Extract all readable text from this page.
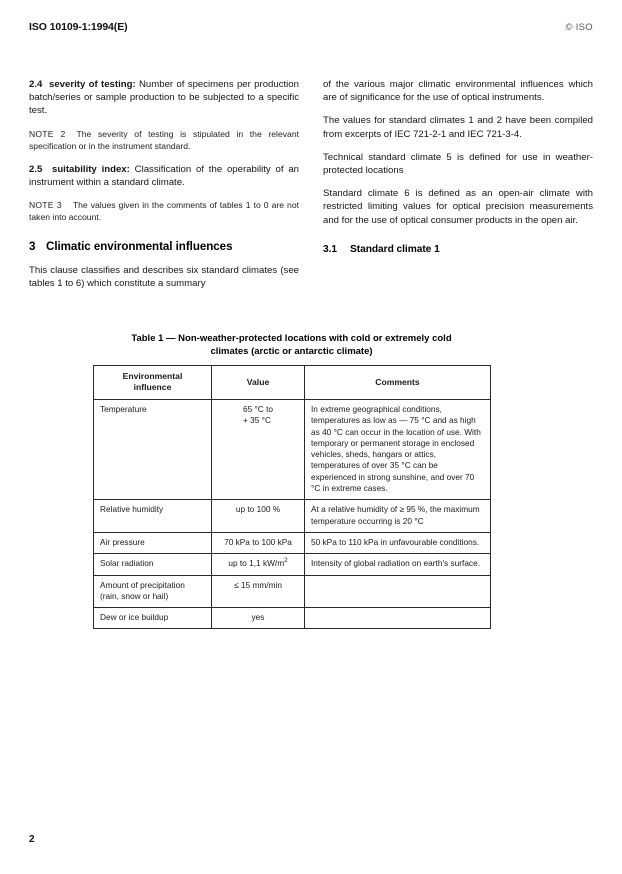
ISO 10109-1:1994(E)	© ISO

2.4 severity of testing: Number of specimens per production batch/series or sample production to be subjected to a specific test.

NOTE 2 The severity of testing is stipulated in the relevant specification or in the instrument standard.

2.5 suitability index: Classification of the operability of an instrument within a standard climate.

NOTE 3 The values given in the comments of tables 1 to 0 are not taken into account.

3 Climatic environmental influences

This clause classifies and describes six standard climates (see tables 1 to 6) which constitute a summary

of the various major climatic environmental influences which are of significance for the use of optical instruments.

The values for standard climates 1 and 2 have been compiled from excerpts of IEC 721-2-1 and IEC 721-3-4.

Technical standard climate 5 is defined for use in weather-protected locations

Standard climate 6 is defined as an open-air climate with restricted limiting values for optical precision measurements and for the use of optical consumer products in the open air.

3.1 Standard climate 1
Table 1 — Non-weather-protected locations with cold or extremely cold
climates (arctic or antarctic climate)
Environmental
influence	Value	Comments
Temperature	65 °C to
+ 35 °C	In extreme geographical conditions, temperatures as low as — 75 °C and as high as 40 °C can occur in the location of use. With temporary or permanent storage in enclosed vehicles, sheds, hangars or attics, temperatures of over 35 °C can be experienced in strong sunshine, and over 70 °C in extreme cases.
Relative humidity	up to 100 %	At a relative humidity of ≥ 95 %, the maximum temperature occurring is 20 °C
Air pressure	70 kPa to 100 kPa	50 kPa to 110 kPa in unfavourable conditions.
Solar radiation	up to 1,1 $kW/m^2$	Intensity of global radiation on earth's surface.
Amount of precipitation
(rain, snow or hail)	≤ 15 mm/min	
Dew or ice buildup	yes	
2
